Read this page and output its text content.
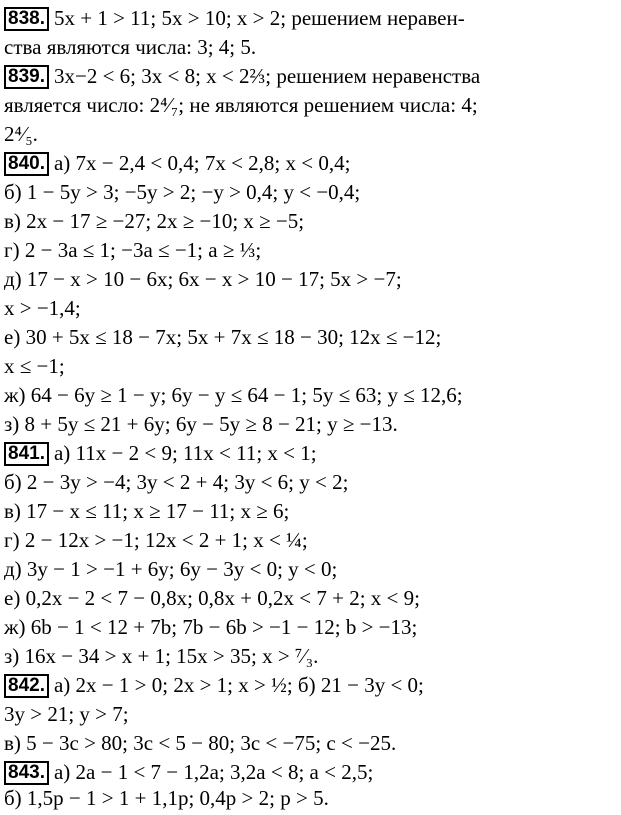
838. 5x + 1 > 11; 5x > 10; x > 2; решением неравен-
ства являются числа: 3; 4; 5.
839. 3x−2 < 6; 3x < 8; x < 2⅔; решением неравенства
является число: 2⁴⁄₇; не являются решением числа: 4;
2⁴⁄₅.
840. а) 7x − 2,4 < 0,4; 7x < 2,8; x < 0,4;
б) 1 − 5y > 3; −5y > 2; −y > 0,4; y < −0,4;
в) 2x − 17 ≥ −27; 2x ≥ −10; x ≥ −5;
г) 2 − 3a ≤ 1; −3a ≤ −1; a ≥ ⅓;
д) 17 − x > 10 − 6x; 6x − x > 10 − 17; 5x > −7;
x > −1,4;
е) 30 + 5x ≤ 18 − 7x; 5x + 7x ≤ 18 − 30; 12x ≤ −12;
x ≤ −1;
ж) 64 − 6y ≥ 1 − y; 6y − y ≤ 64 − 1; 5y ≤ 63; y ≤ 12,6;
з) 8 + 5y ≤ 21 + 6y; 6y − 5y ≥ 8 − 21; y ≥ −13.
841. а) 11x − 2 < 9; 11x < 11; x < 1;
б) 2 − 3y > −4; 3y < 2 + 4; 3y < 6; y < 2;
в) 17 − x ≤ 11; x ≥ 17 − 11; x ≥ 6;
г) 2 − 12x > −1; 12x < 2 + 1; x < ¼;
д) 3y − 1 > −1 + 6y; 6y − 3y < 0; y < 0;
е) 0,2x − 2 < 7 − 0,8x; 0,8x + 0,2x < 7 + 2; x < 9;
ж) 6b − 1 < 12 + 7b; 7b − 6b > −1 − 12; b > −13;
з) 16x − 34 > x + 1; 15x > 35; x > ⁷⁄₃.
842. а) 2x − 1 > 0; 2x > 1; x > ½; б) 21 − 3y < 0;
3y > 21; y > 7;
в) 5 − 3c > 80; 3c < 5 − 80; 3c < −75; c < −25.
843. а) 2a − 1 < 7 − 1,2a; 3,2a < 8; a < 2,5;
б) 1,5p − 1 > 1 + 1,1p; 0,4p > 2; p > 5.
